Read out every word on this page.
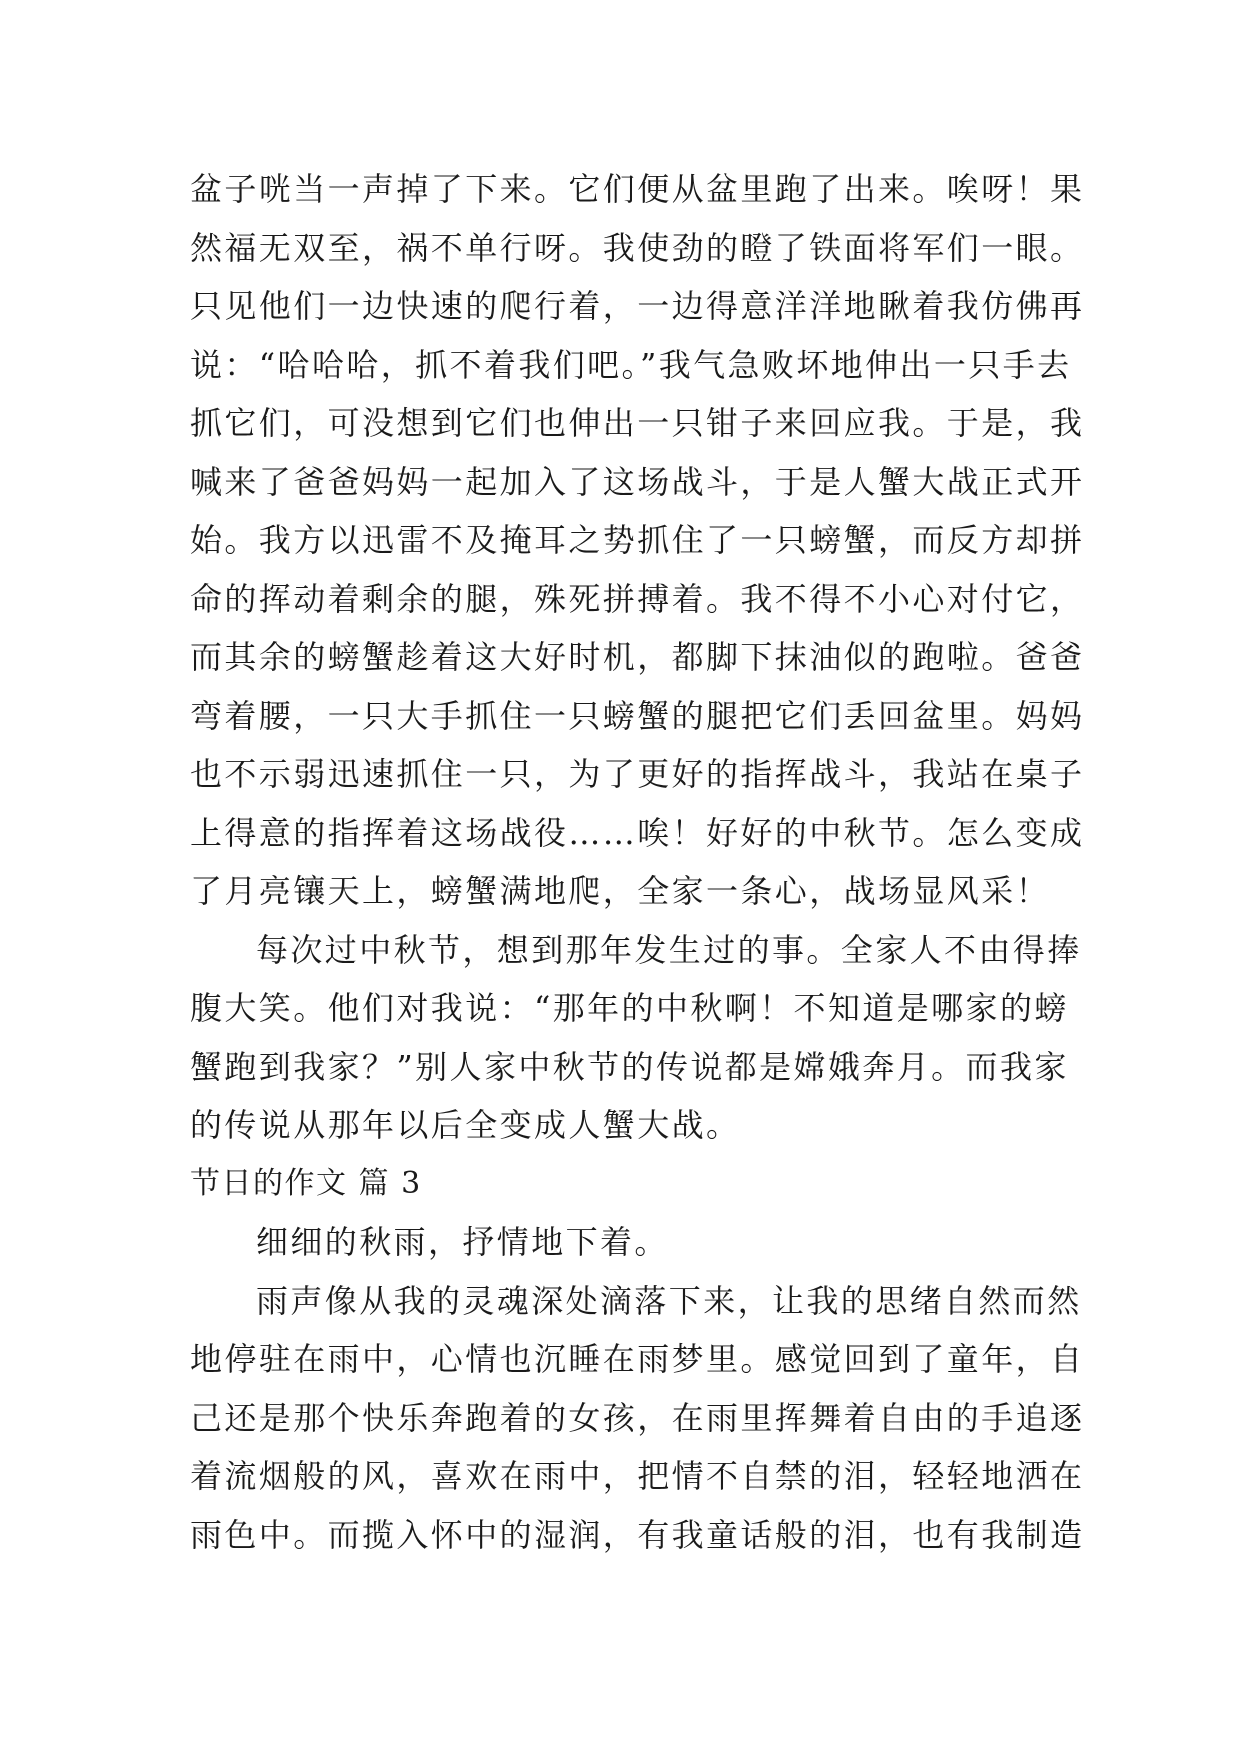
盆子咣当一声掉了下来。它们便从盆里跑了出来。唉呀！果
然福无双至，祸不单行呀。我使劲的瞪了铁面将军们一眼。
只见他们一边快速的爬行着，一边得意洋洋地瞅着我仿佛再
说：“哈哈哈，抓不着我们吧。”我气急败坏地伸出一只手去
抓它们，可没想到它们也伸出一只钳子来回应我。于是，我
喊来了爸爸妈妈一起加入了这场战斗，于是人蟹大战正式开
始。我方以迅雷不及掩耳之势抓住了一只螃蟹，而反方却拼
命的挥动着剩余的腿，殊死拼搏着。我不得不小心对付它，
而其余的螃蟹趁着这大好时机，都脚下抹油似的跑啦。爸爸
弯着腰，一只大手抓住一只螃蟹的腿把它们丢回盆里。妈妈
也不示弱迅速抓住一只，为了更好的指挥战斗，我站在桌子
上得意的指挥着这场战役……唉！好好的中秋节。怎么变成
了月亮镶天上，螃蟹满地爬，全家一条心，战场显风采！
每次过中秋节，想到那年发生过的事。全家人不由得捧
腹大笑。他们对我说：“那年的中秋啊！不知道是哪家的螃
蟹跑到我家？”别人家中秋节的传说都是嫦娥奔月。而我家
的传说从那年以后全变成人蟹大战。
节日的作文 篇 3
细细的秋雨，抒情地下着。
雨声像从我的灵魂深处滴落下来，让我的思绪自然而然
地停驻在雨中，心情也沉睡在雨梦里。感觉回到了童年，自
己还是那个快乐奔跑着的女孩，在雨里挥舞着自由的手追逐
着流烟般的风，喜欢在雨中，把情不自禁的泪，轻轻地洒在
雨色中。而揽入怀中的湿润，有我童话般的泪，也有我制造
